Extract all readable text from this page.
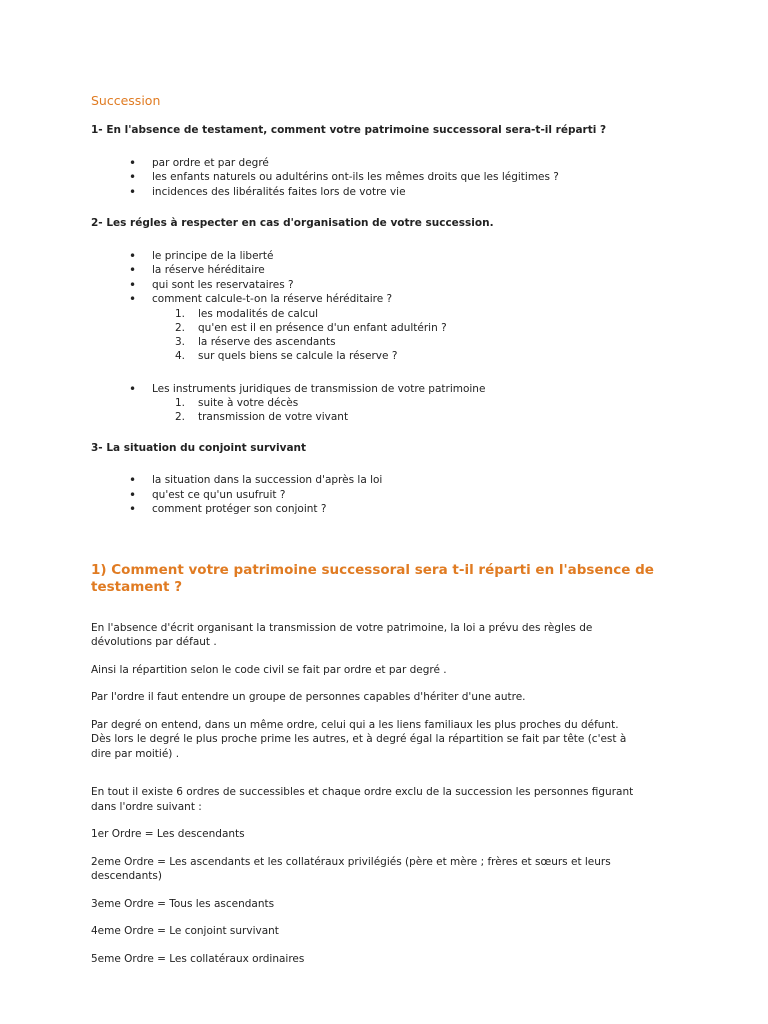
Succession
1- En l'absence de testament, comment votre patrimoine successoral sera-t-il réparti ?
• par ordre et par degré
• les enfants naturels ou adultérins ont-ils les mêmes droits que les légitimes ?
• incidences des libéralités faites lors de votre vie
2- Les régles à respecter en cas d'organisation de votre succession.
• le principe de la liberté
• la réserve héréditaire
• qui sont les reservataires ?
• comment calcule-t-on la réserve héréditaire ?
1. les modalités de calcul
2. qu'en est il en présence d'un enfant adultérin ?
3. la réserve des ascendants
4. sur quels biens se calcule la réserve ?
• Les instruments juridiques de transmission de votre patrimoine
1. suite à votre décès
2. transmission de votre vivant
3- La situation du conjoint survivant
• la situation dans la succession d'après la loi
• qu'est ce qu'un usufruit ?
• comment protéger son conjoint ?
1) Comment votre patrimoine successoral sera t-il réparti en l'absence de testament ?

En l'absence d'écrit organisant la transmission de votre patrimoine, la loi a prévu des règles de dévolutions par défaut .

Ainsi la répartition selon le code civil se fait par ordre et par degré .

Par l'ordre il faut entendre un groupe de personnes capables d'hériter d'une autre.

Par degré on entend, dans un même ordre, celui qui a les liens familiaux les plus proches du défunt. Dès lors le degré le plus proche prime les autres, et à degré égal la répartition se fait par tête (c'est à dire par moitié) .

En tout il existe 6 ordres de successibles et chaque ordre exclu de la succession les personnes figurant dans l'ordre suivant :

1er Ordre = Les descendants

2eme Ordre = Les ascendants et les collatéraux privilégiés (père et mère ; frères et sœurs et leurs descendants)

3eme Ordre = Tous les ascendants

4eme Ordre = Le conjoint survivant

5eme Ordre = Les collatéraux ordinaires
